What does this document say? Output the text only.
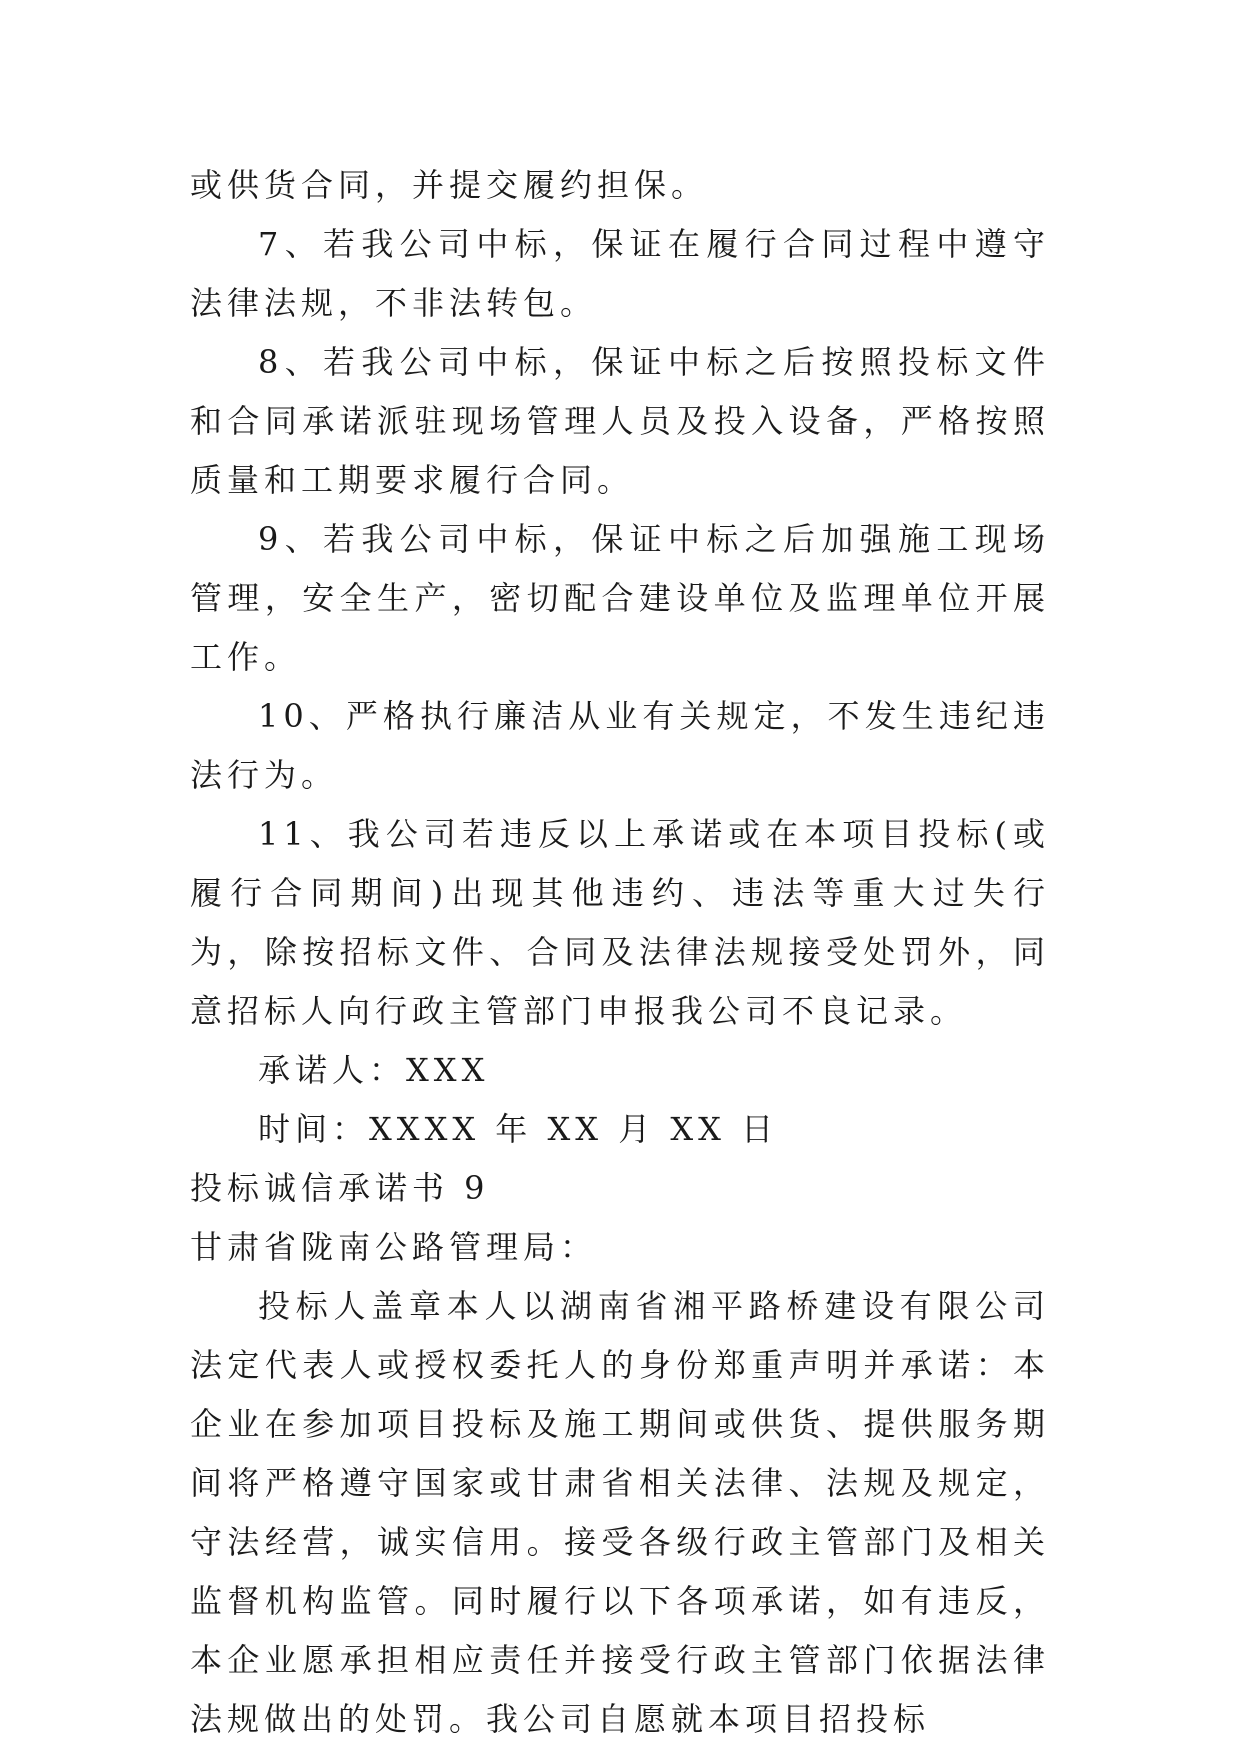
或供货合同，并提交履约担保。

7、若我公司中标，保证在履行合同过程中遵守法律法规，不非法转包。

8、若我公司中标，保证中标之后按照投标文件和合同承诺派驻现场管理人员及投入设备，严格按照质量和工期要求履行合同。

9、若我公司中标，保证中标之后加强施工现场管理，安全生产，密切配合建设单位及监理单位开展工作。

10、严格执行廉洁从业有关规定，不发生违纪违法行为。

11、我公司若违反以上承诺或在本项目投标(或履行合同期间)出现其他违约、违法等重大过失行为，除按招标文件、合同及法律法规接受处罚外，同意招标人向行政主管部门申报我公司不良记录。

承诺人：XXX

时间：XXXX 年 XX 月 XX 日

投标诚信承诺书 9

甘肃省陇南公路管理局：

投标人盖章本人以湖南省湘平路桥建设有限公司法定代表人或授权委托人的身份郑重声明并承诺：本企业在参加项目投标及施工期间或供货、提供服务期间将严格遵守国家或甘肃省相关法律、法规及规定，守法经营，诚实信用。接受各级行政主管部门及相关监督机构监管。同时履行以下各项承诺，如有违反，本企业愿承担相应责任并接受行政主管部门依据法律法规做出的处罚。我公司自愿就本项目招投标
